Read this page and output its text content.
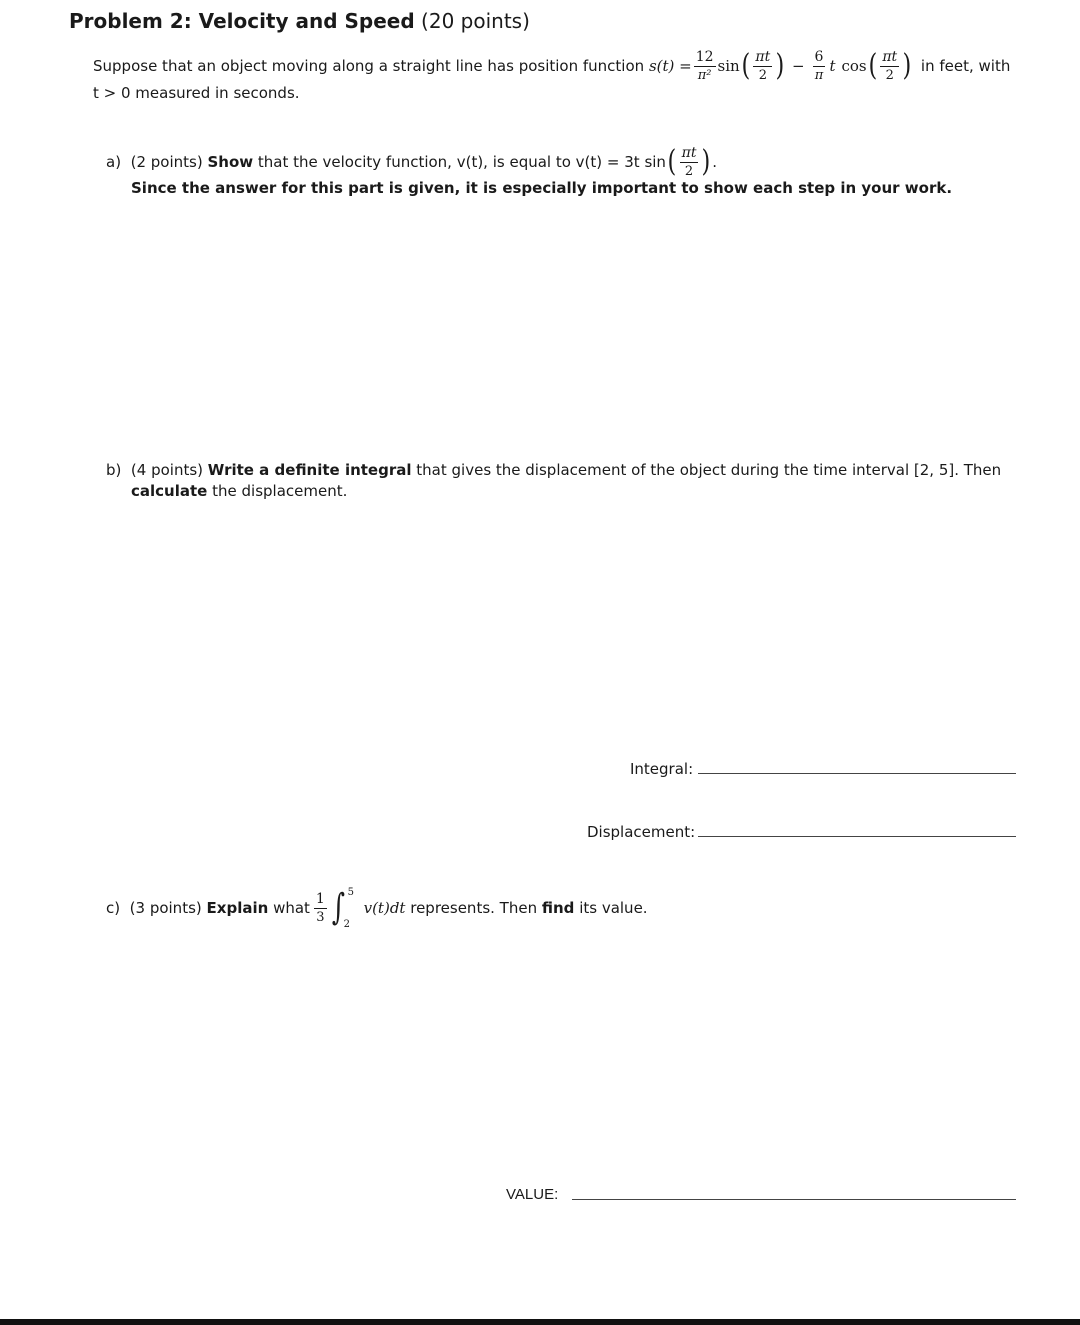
Problem 2: Velocity and Speed (20 points)
Suppose that an object moving along a straight line has position function
$s(t) = \frac{12}{\text{π²}}$ sin ( $\frac{\pi t}{2}$ ) − $\frac{6}{\pi}$ t cos ( $\frac{\pi t}{2}$ ) in feet, with
t > 0 measured in seconds.
a)
(2 points)
Show
that the velocity function, v(t), is equal to v(t) = 3t sin ( $\frac{\pi t}{2}$ ) .
Since the answer for this part is given, it is especially important to show each step in your work.
b) (4 points) Write a definite integral that gives the displacement of the object during the time interval [2, 5]. Then
calculate the displacement.
Integral:
Displacement:
c)
(3 points)
Explain
what $\frac{1}{3}$ ∫ 5
2
v(t)dt
represents. Then
find
its value.
VALUE:
